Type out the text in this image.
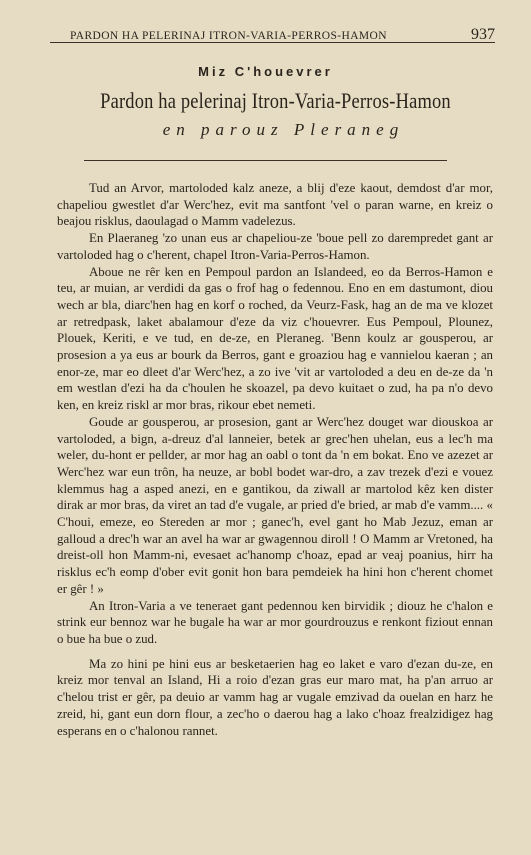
PARDON HA PELERINAJ ITRON-VARIA-PERROS-HAMON	937
Miz C'houevrer
Pardon ha pelerinaj Itron-Varia-Perros-Hamon
en parouz Pleraneg

Tud an Arvor, martoloded kalz aneze, a blij d'eze kaout, demdost d'ar mor, chapeliou gwestlet d'ar Werc'hez, evit ma santfont 'vel o paran warne, en kreiz o beajou risklus, daoulagad o Mamm vadelezus.

En Plaeraneg 'zo unan eus ar chapeliou-ze 'boue pell zo darempredet gant ar vartoloded hag o c'herent, chapel Itron-Varia-Perros-Hamon.

Aboue ne rêr ken en Pempoul pardon an Islandeed, eo da Berros-Hamon e teu, ar muian, ar verdidi da gas o frof hag o fedennou. Eno en em dastumont, diou wech ar bla, diarc'hen hag en korf o roched, da Veurz-Fask, hag an de ma ve klozet ar retredpask, laket abalamour d'eze da viz c'houevrer. Eus Pempoul, Plounez, Plouek, Keriti, e ve tud, en de-ze, en Pleraneg. 'Benn koulz ar gousperou, ar prosesion a ya eus ar bourk da Berros, gant e groaziou hag e vannielou kaeran ; an enor-ze, mar eo dleet d'ar Werc'hez, a zo ive 'vit ar vartoloded a deu en de-ze da 'n em westlan d'ezi ha da c'houlen he skoazel, pa devo kuitaet o zud, ha pa n'o devo ken, en kreiz riskl ar mor bras, rikour ebet nemeti.

Goude ar gousperou, ar prosesion, gant ar Werc'hez douget war diouskoa ar vartoloded, a bign, a-dreuz d'al lanneier, betek ar grec'hen uhelan, eus a lec'h ma weler, du-hont er pellder, ar mor hag an oabl o tont da 'n em bokat. Eno ve azezet ar Werc'hez war eun trôn, ha neuze, ar bobl bodet war-dro, a zav trezek d'ezi e vouez klemmus hag a asped anezi, en e gantikou, da ziwall ar martolod kêz ken dister dirak ar mor bras, da viret an tad d'e vugale, ar pried d'e bried, ar mab d'e vamm.... « C'houi, emeze, eo Stereden ar mor ; ganec'h, evel gant ho Mab Jezuz, eman ar galloud a drec'h war an avel ha war ar gwagennou diroll ! O Mamm ar Vretoned, ha dreist-oll hon Mamm-ni, evesaet ac'hanomp c'hoaz, epad ar veaj poanius, hirr ha risklus ec'h eomp d'ober evit gonit hon bara pemdeiek ha hini hon c'herent chomet er gêr ! »

An Itron-Varia a ve teneraet gant pedennou ken birvidik ; diouz he c'halon e strink eur bennoz war he bugale ha war ar mor gourdrouzus e renkont fiziout ennan o bue ha bue o zud.

Ma zo hini pe hini eus ar besketaerien hag eo laket e varo d'ezan du-ze, en kreiz mor tenval an Island, Hi a roio d'ezan gras eur maro mat, ha p'an arruo ar c'helou trist er gêr, pa deuio ar vamm hag ar vugale emzivad da ouelan en harz he zreid, hi, gant eun dorn flour, a zec'ho o daerou hag a lako c'hoaz frealzidigez hag esperans en o c'halonou rannet.
